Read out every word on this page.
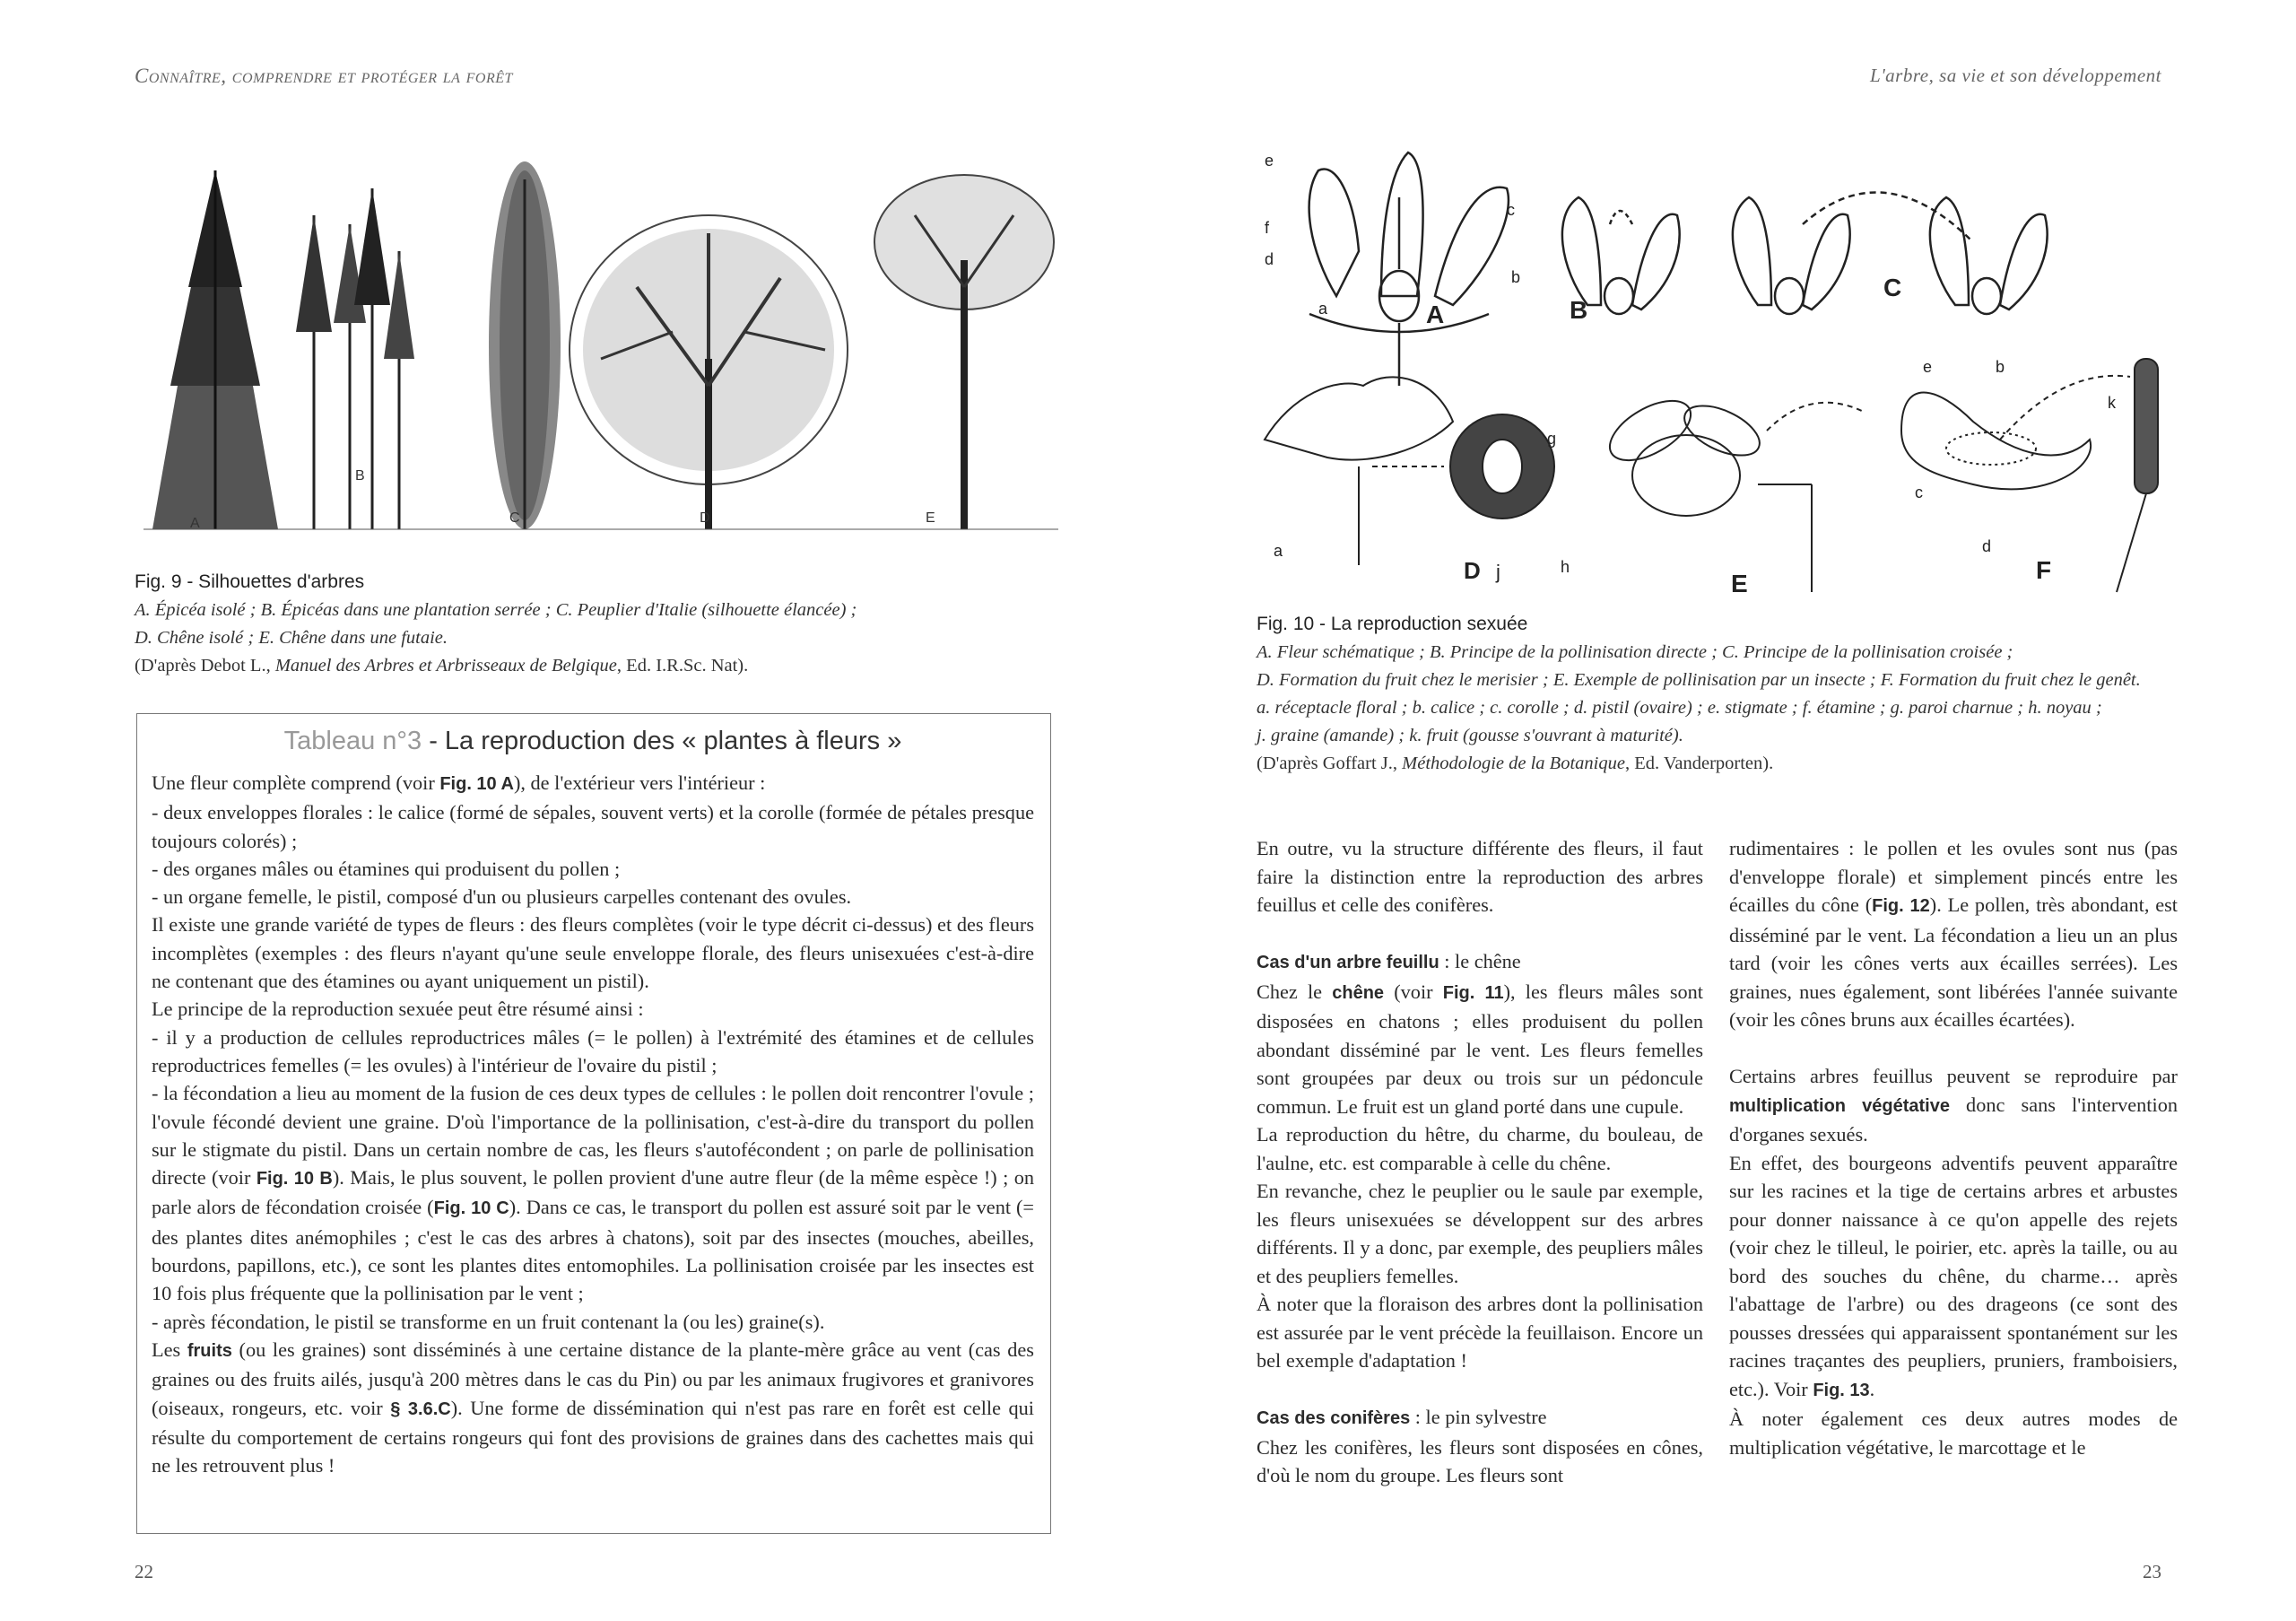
Connaître, comprendre et protéger la forêt
A
B
C	D	E
Fig. 9 - Silhouettes d'arbres
A. Épicéa isolé ; B. Épicéas dans une plantation serrée ; C. Peuplier d'Italie (silhouette élancée) ;
D. Chêne isolé ; E. Chêne dans une futaie.
(D'après Debot L., Manuel des Arbres et Arbrisseaux de Belgique, Ed. I.R.Sc. Nat).
Tableau n°3 - La reproduction des « plantes à fleurs »

Une fleur complète comprend (voir Fig. 10 A), de l'extérieur vers l'intérieur :

- deux enveloppes florales : le calice (formé de sépales, souvent verts) et la corolle (formée de pétales presque toujours colorés) ;

- des organes mâles ou étamines qui produisent du pollen ;

- un organe femelle, le pistil, composé d'un ou plusieurs carpelles contenant des ovules.

Il existe une grande variété de types de fleurs : des fleurs complètes (voir le type décrit ci-dessus) et des fleurs incomplètes (exemples : des fleurs n'ayant qu'une seule enveloppe florale, des fleurs unisexuées c'est-à-dire ne contenant que des étamines ou ayant uniquement un pistil).

Le principe de la reproduction sexuée peut être résumé ainsi :

- il y a production de cellules reproductrices mâles (= le pollen) à l'extrémité des étamines et de cellules reproductrices femelles (= les ovules) à l'intérieur de l'ovaire du pistil ;

- la fécondation a lieu au moment de la fusion de ces deux types de cellules : le pollen doit rencontrer l'ovule ; l'ovule fécondé devient une graine. D'où l'importance de la pollinisation, c'est-à-dire du transport du pollen sur le stigmate du pistil. Dans un certain nombre de cas, les fleurs s'autofécondent ; on parle de pollinisation directe (voir Fig. 10 B). Mais, le plus souvent, le pollen provient d'une autre fleur (de la même espèce !) ; on parle alors de fécondation croisée (Fig. 10 C). Dans ce cas, le transport du pollen est assuré soit par le vent (= des plantes dites anémophiles ; c'est le cas des arbres à chatons), soit par des insectes (mouches, abeilles, bourdons, papillons, etc.), ce sont les plantes dites entomophiles. La pollinisation croisée par les insectes est 10 fois plus fréquente que la pollinisation par le vent ;

- après fécondation, le pistil se transforme en un fruit contenant la (ou les) graine(s).

Les fruits (ou les graines) sont disséminés à une certaine distance de la plante-mère grâce au vent (cas des graines ou des fruits ailés, jusqu'à 200 mètres dans le cas du Pin) ou par les animaux frugivores et granivores (oiseaux, rongeurs, etc. voir § 3.6.C). Une forme de dissémination qui n'est pas rare en forêt est celle qui résulte du comportement de certains rongeurs qui font des provisions de graines dans des cachettes mais qui ne les retrouvent plus !

22
L'arbre, sa vie et son développement
e
f
d
a
c
b
A	B
C
a
g
h
D j	E
e	b
c
d
k
F
Fig. 10 - La reproduction sexuée
A. Fleur schématique ; B. Principe de la pollinisation directe ; C. Principe de la pollinisation croisée ;
D. Formation du fruit chez le merisier ; E. Exemple de pollinisation par un insecte ; F. Formation du fruit chez le genêt.
a. réceptacle floral ; b. calice ; c. corolle ; d. pistil (ovaire) ; e. stigmate ; f. étamine ; g. paroi charnue ; h. noyau ;
j. graine (amande) ; k. fruit (gousse s'ouvrant à maturité).
(D'après Goffart J., Méthodologie de la Botanique, Ed. Vanderporten).
23

En outre, vu la structure différente des fleurs, il faut faire la distinction entre la reproduction des arbres feuillus et celle des conifères.

Cas d'un arbre feuillu : le chêne

Chez le chêne (voir Fig. 11), les fleurs mâles sont disposées en chatons ; elles produisent du pollen abondant disséminé par le vent. Les fleurs femelles sont groupées par deux ou trois sur un pédoncule commun. Le fruit est un gland porté dans une cupule.

La reproduction du hêtre, du charme, du bouleau, de l'aulne, etc. est comparable à celle du chêne.

En revanche, chez le peuplier ou le saule par exemple, les fleurs unisexuées se développent sur des arbres différents. Il y a donc, par exemple, des peupliers mâles et des peupliers femelles.

À noter que la floraison des arbres dont la pollinisation est assurée par le vent précède la feuillaison. Encore un bel exemple d'adaptation !

Cas des conifères : le pin sylvestre

Chez les conifères, les fleurs sont disposées en cônes, d'où le nom du groupe. Les fleurs sont

rudimentaires : le pollen et les ovules sont nus (pas d'enveloppe florale) et simplement pincés entre les écailles du cône (Fig. 12). Le pollen, très abondant, est disséminé par le vent. La fécondation a lieu un an plus tard (voir les cônes verts aux écailles serrées). Les graines, nues également, sont libérées l'année suivante (voir les cônes bruns aux écailles écartées).

Certains arbres feuillus peuvent se reproduire par multiplication végétative donc sans l'intervention d'organes sexués.

En effet, des bourgeons adventifs peuvent apparaître sur les racines et la tige de certains arbres et arbustes pour donner naissance à ce qu'on appelle des rejets (voir chez le tilleul, le poirier, etc. après la taille, ou au bord des souches du chêne, du charme… après l'abattage de l'arbre) ou des drageons (ce sont des pousses dressées qui apparaissent spontanément sur les racines traçantes des peupliers, pruniers, framboisiers, etc.). Voir Fig. 13.

À noter également ces deux autres modes de multiplication végétative, le marcottage et le
